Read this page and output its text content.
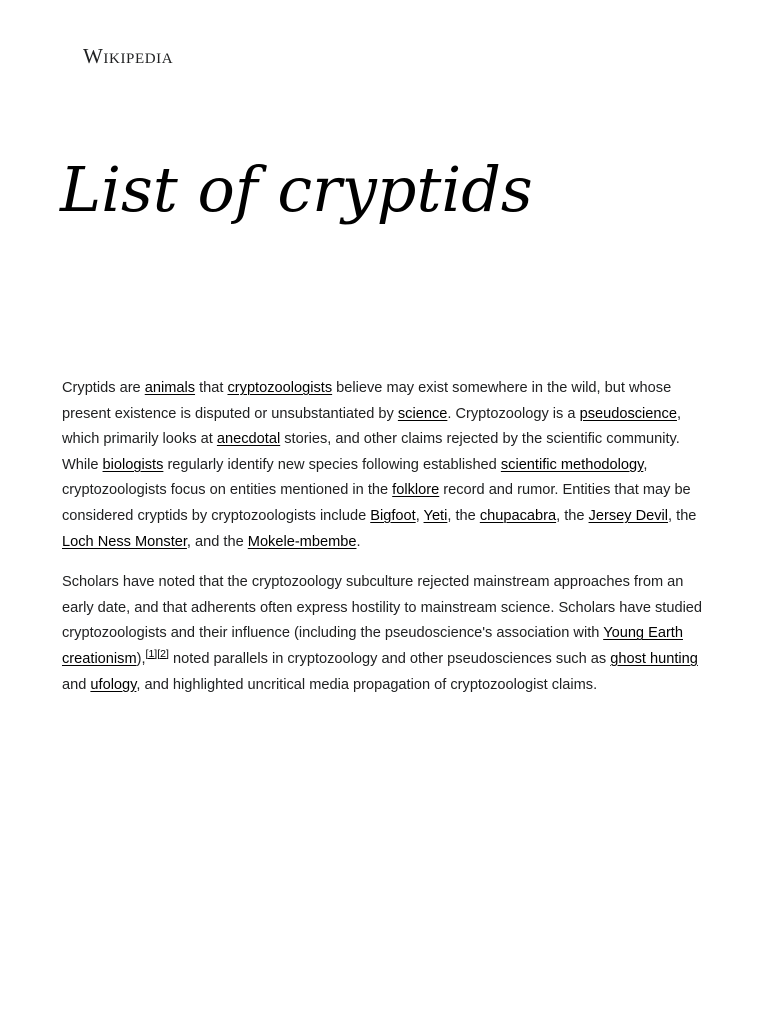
Wikipedia
List of cryptids

Cryptids are animals that cryptozoologists believe may exist somewhere in the wild, but whose present existence is disputed or unsubstantiated by science. Cryptozoology is a pseudoscience, which primarily looks at anecdotal stories, and other claims rejected by the scientific community. While biologists regularly identify new species following established scientific methodology, cryptozoologists focus on entities mentioned in the folklore record and rumor. Entities that may be considered cryptids by cryptozoologists include Bigfoot, Yeti, the chupacabra, the Jersey Devil, the Loch Ness Monster, and the Mokele-mbembe.

Scholars have noted that the cryptozoology subculture rejected mainstream approaches from an early date, and that adherents often express hostility to mainstream science. Scholars have studied cryptozoologists and their influence (including the pseudoscience's association with Young Earth creationism),[1][2] noted parallels in cryptozoology and other pseudosciences such as ghost hunting and ufology, and highlighted uncritical media propagation of cryptozoologist claims.
